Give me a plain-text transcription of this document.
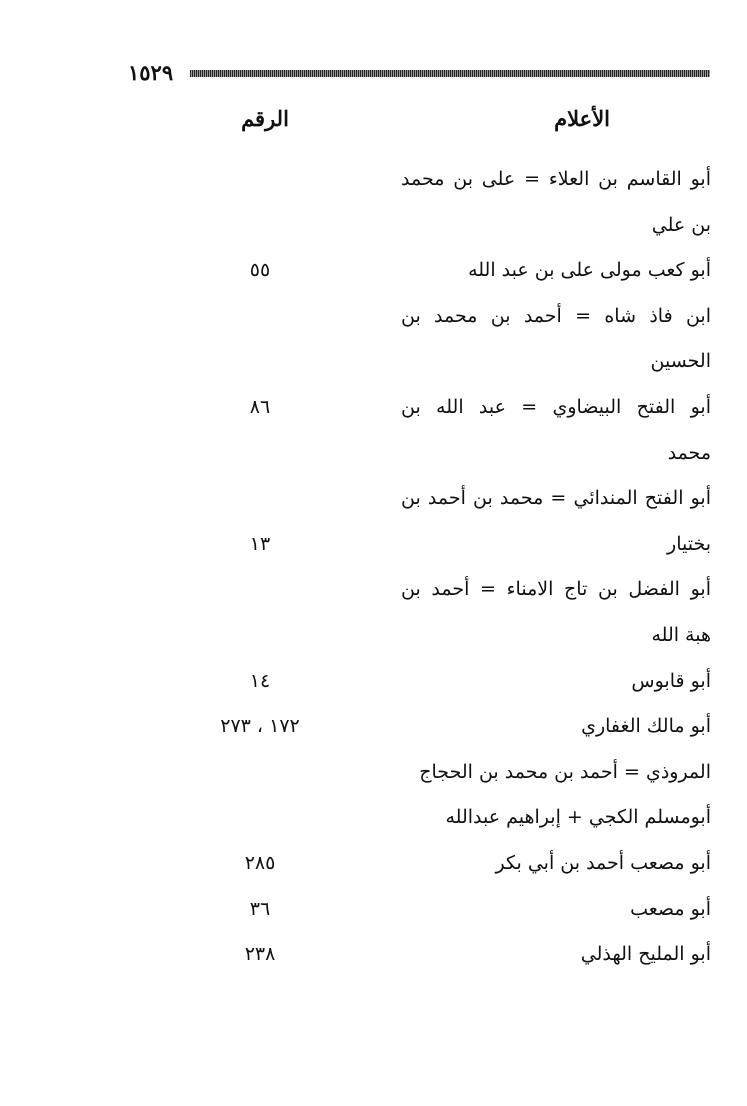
١٥٢٩
الأعلام
الرقم
أبو القاسم بن العلاء = على بن محمد
بن علي
أبو كعب مولى على بن عبد الله
٥٥
ابن فاذ شاه = أحمد بن محمد بن
الحسين
أبو الفتح البيضاوي = عبد الله بن
٨٦
محمد
أبو الفتح المندائي = محمد بن أحمد بن
بختيار
١٣
أبو الفضل بن تاج الامناء = أحمد بن
هبة الله
أبو قابوس
١٤
أبو مالك الغفاري
١٧٢ ، ٢٧٣
المروذي = أحمد بن محمد بن الحجاج
أبومسلم الكجي + إبراهيم عبدالله
أبو مصعب أحمد بن أبي بكر
٢٨٥
أبو مصعب
٣٦
أبو المليح الهذلي
٢٣٨
